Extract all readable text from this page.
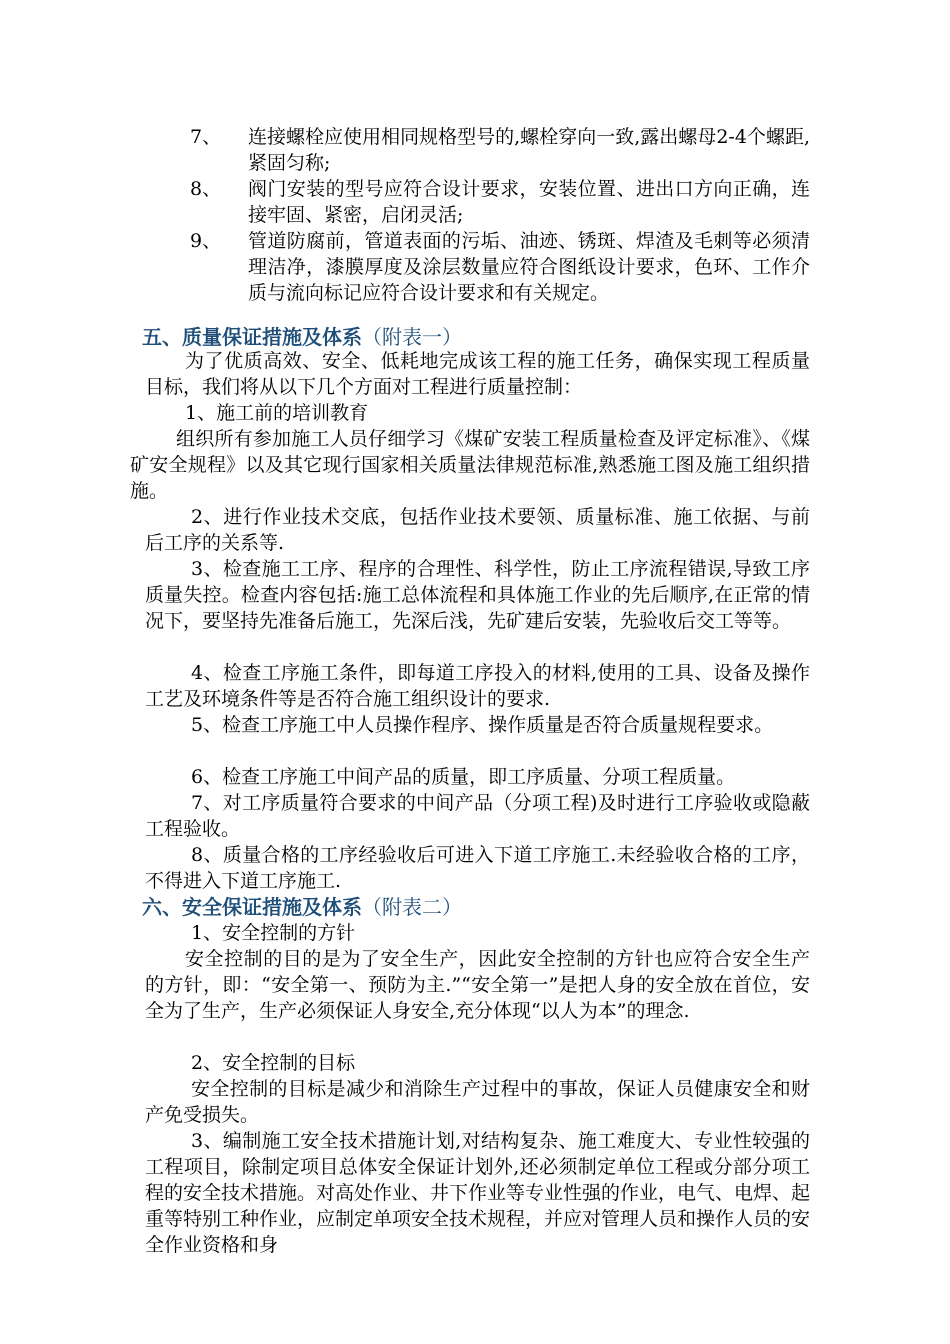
7、	连接螺栓应使用相同规格型号的,螺栓穿向一致,露出螺母2-4个螺距,紧固匀称;
8、	阀门安装的型号应符合设计要求，安装位置、进出口方向正确，连接牢固、紧密，启闭灵活;
9、	管道防腐前，管道表面的污垢、油迹、锈斑、焊渣及毛刺等必须清理洁净，漆膜厚度及涂层数量应符合图纸设计要求，色环、工作介质与流向标记应符合设计要求和有关规定。
五、质量保证措施及体系（附表一）
为了优质高效、安全、低耗地完成该工程的施工任务，确保实现工程质量目标，我们将从以下几个方面对工程进行质量控制：
1、施工前的培训教育
组织所有参加施工人员仔细学习《煤矿安装工程质量检查及评定标准》、《煤矿安全规程》以及其它现行国家相关质量法律规范标准,熟悉施工图及施工组织措施。
2、进行作业技术交底，包括作业技术要领、质量标准、施工依据、与前后工序的关系等.
3、检查施工工序、程序的合理性、科学性，防止工序流程错误,导致工序质量失控。检查内容包括:施工总体流程和具体施工作业的先后顺序,在正常的情况下，要坚持先准备后施工，先深后浅，先矿建后安装，先验收后交工等等。
4、检查工序施工条件，即每道工序投入的材料,使用的工具、设备及操作工艺及环境条件等是否符合施工组织设计的要求.
5、检查工序施工中人员操作程序、操作质量是否符合质量规程要求。
6、检查工序施工中间产品的质量，即工序质量、分项工程质量。
7、对工序质量符合要求的中间产品（分项工程)及时进行工序验收或隐蔽工程验收。
8、质量合格的工序经验收后可进入下道工序施工.未经验收合格的工序，不得进入下道工序施工.
六、安全保证措施及体系（附表二）
1、安全控制的方针
安全控制的目的是为了安全生产，因此安全控制的方针也应符合安全生产的方针，即：“安全第一、预防为主.”“安全第一”是把人身的安全放在首位，安全为了生产，生产必须保证人身安全,充分体现“以人为本”的理念.
2、安全控制的目标
安全控制的目标是减少和消除生产过程中的事故，保证人员健康安全和财产免受损失。
3、编制施工安全技术措施计划,对结构复杂、施工难度大、专业性较强的工程项目，除制定项目总体安全保证计划外,还必须制定单位工程或分部分项工程的安全技术措施。对高处作业、井下作业等专业性强的作业，电气、电焊、起重等特别工种作业，应制定单项安全技术规程，并应对管理人员和操作人员的安全作业资格和身
